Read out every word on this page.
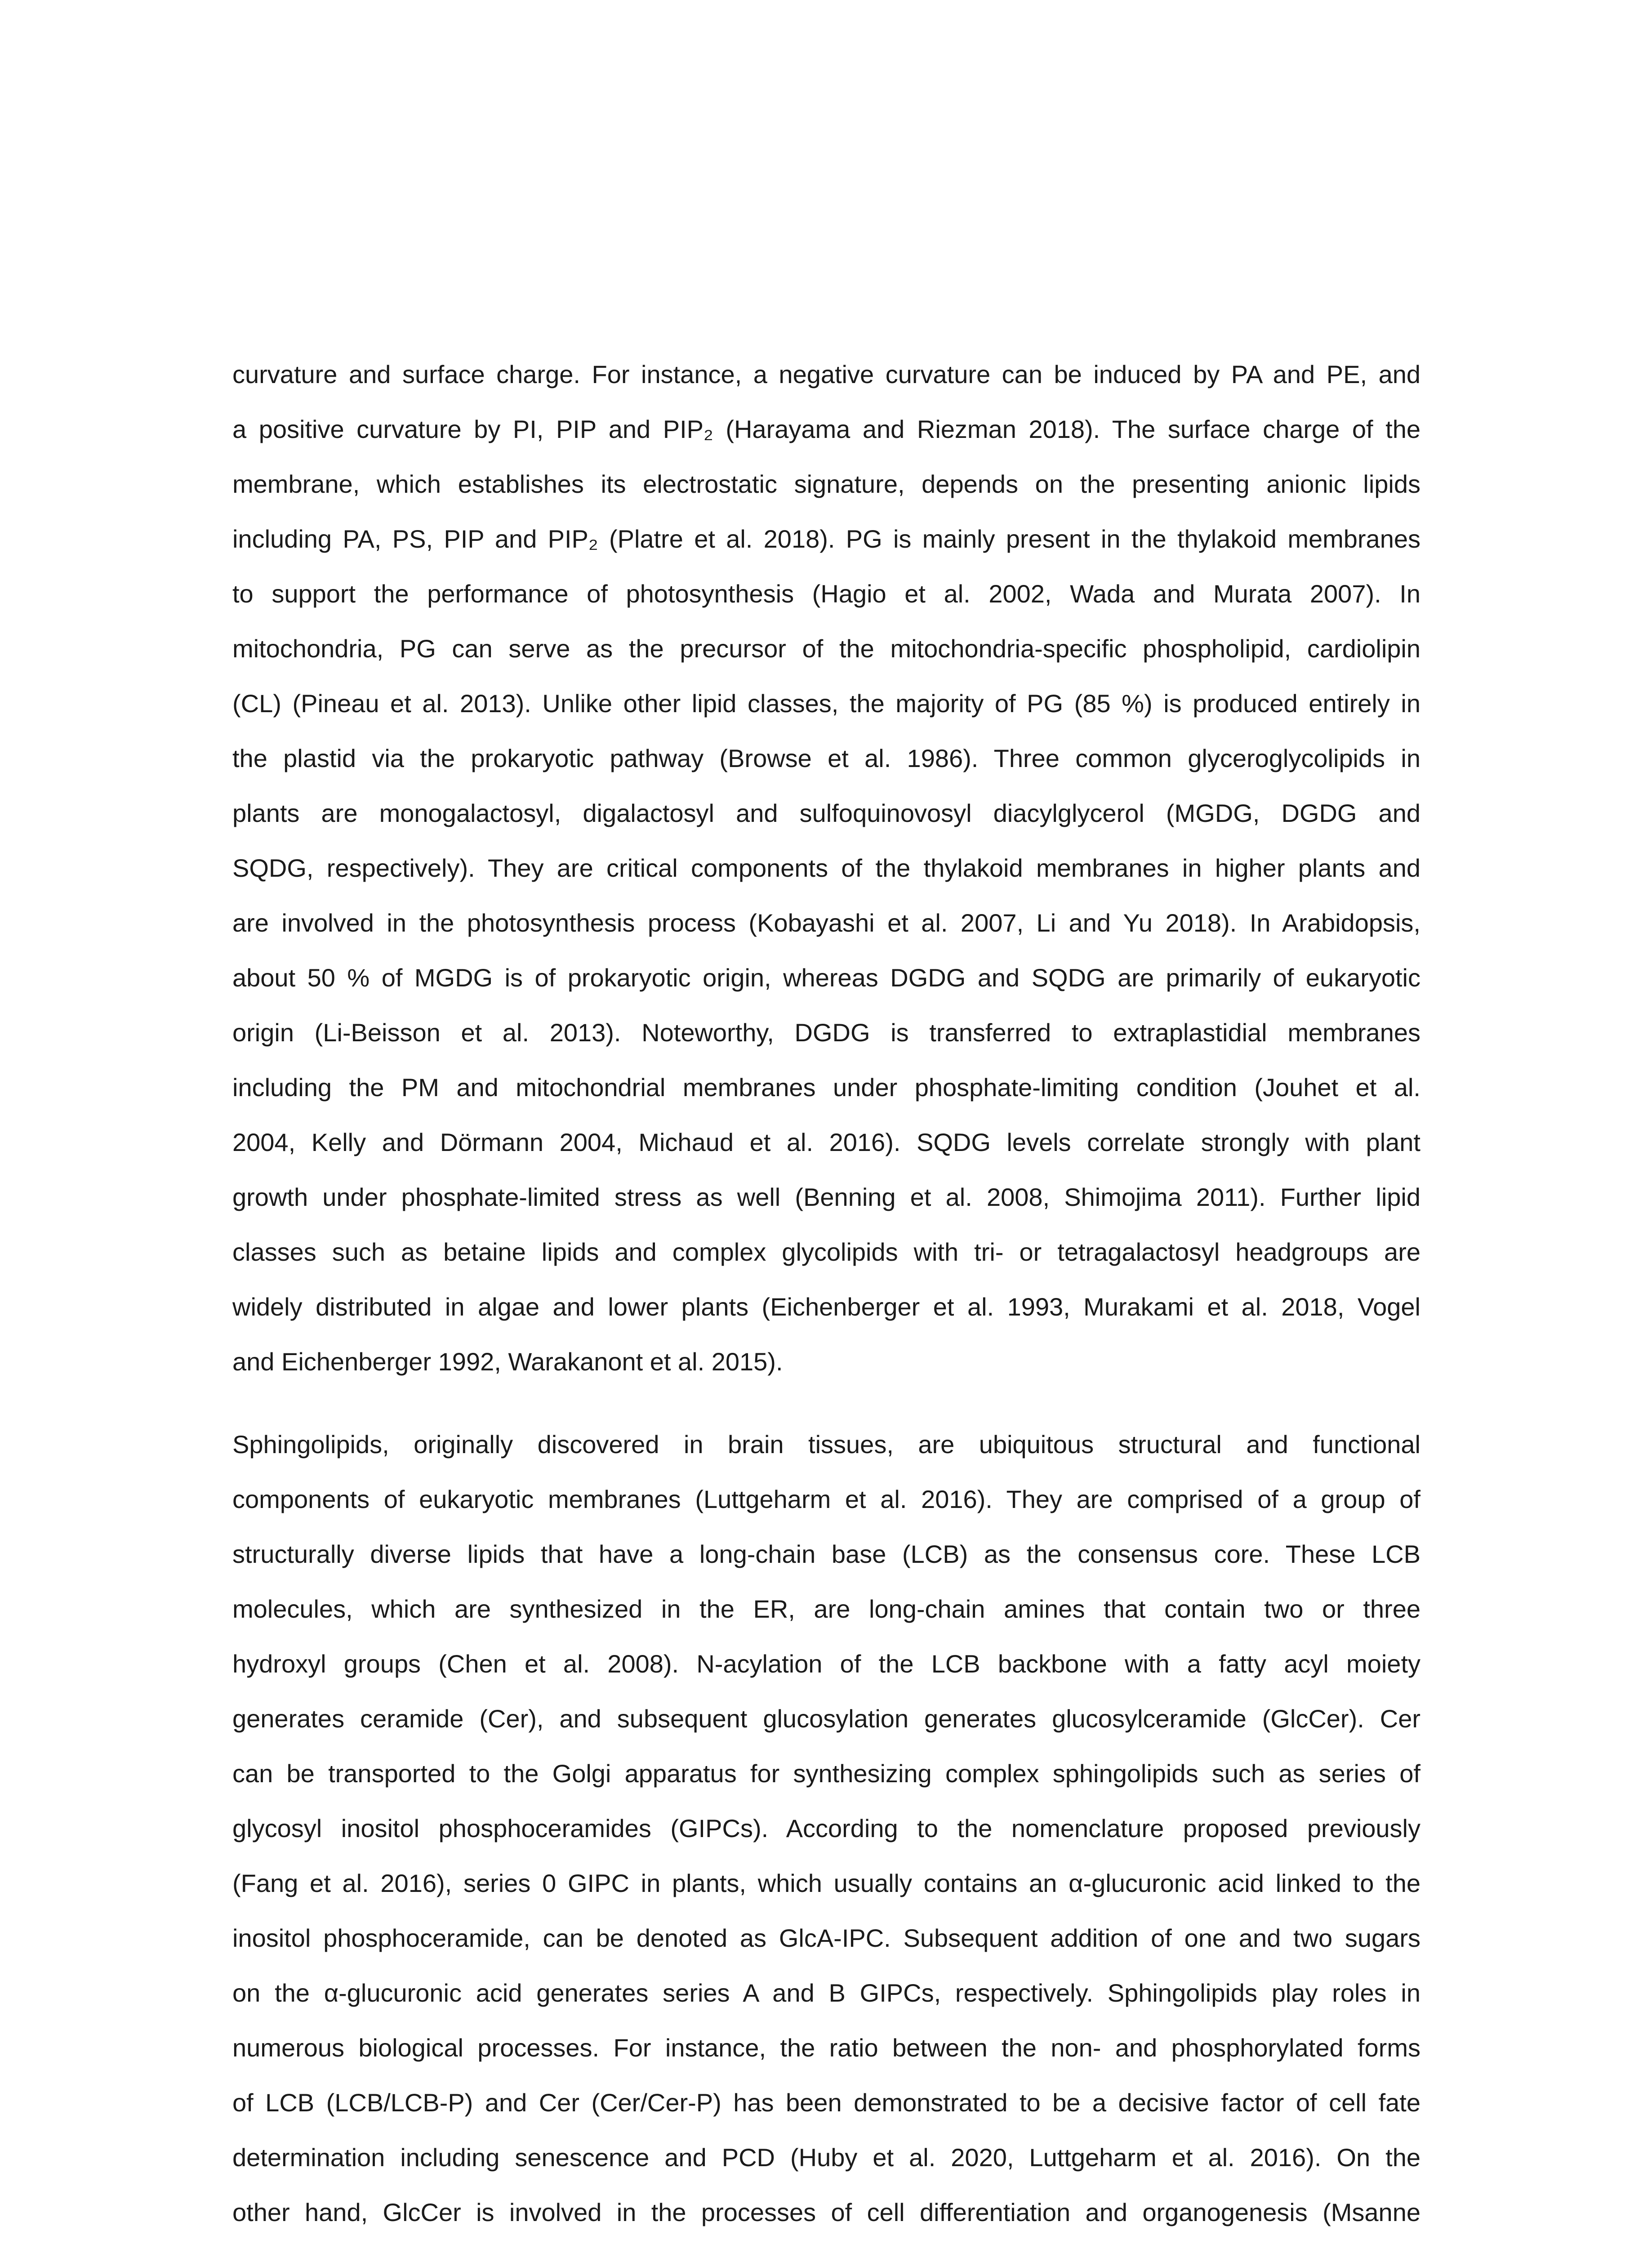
curvature and surface charge. For instance, a negative curvature can be induced by PA and PE, and
a positive curvature by PI, PIP and PIP₂ (Harayama and Riezman 2018). The surface charge of the
membrane, which establishes its electrostatic signature, depends on the presenting anionic lipids
including PA, PS, PIP and PIP₂ (Platre et al. 2018). PG is mainly present in the thylakoid membranes
to support the performance of photosynthesis (Hagio et al. 2002, Wada and Murata 2007). In
mitochondria, PG can serve as the precursor of the mitochondria-specific phospholipid, cardiolipin
(CL) (Pineau et al. 2013). Unlike other lipid classes, the majority of PG (85 %) is produced entirely in
the plastid via the prokaryotic pathway (Browse et al. 1986). Three common glyceroglycolipids in
plants are monogalactosyl, digalactosyl and sulfoquinovosyl diacylglycerol (MGDG, DGDG and
SQDG, respectively). They are critical components of the thylakoid membranes in higher plants and
are involved in the photosynthesis process (Kobayashi et al. 2007, Li and Yu 2018). In Arabidopsis,
about 50 % of MGDG is of prokaryotic origin, whereas DGDG and SQDG are primarily of eukaryotic
origin (Li-Beisson et al. 2013). Noteworthy, DGDG is transferred to extraplastidial membranes
including the PM and mitochondrial membranes under phosphate-limiting condition (Jouhet et al.
2004, Kelly and Dörmann 2004, Michaud et al. 2016). SQDG levels correlate strongly with plant
growth under phosphate-limited stress as well (Benning et al. 2008, Shimojima 2011). Further lipid
classes such as betaine lipids and complex glycolipids with tri- or tetragalactosyl headgroups are
widely distributed in algae and lower plants (Eichenberger et al. 1993, Murakami et al. 2018, Vogel
and Eichenberger 1992, Warakanont et al. 2015).
Sphingolipids, originally discovered in brain tissues, are ubiquitous structural and functional
components of eukaryotic membranes (Luttgeharm et al. 2016). They are comprised of a group of
structurally diverse lipids that have a long-chain base (LCB) as the consensus core. These LCB
molecules, which are synthesized in the ER, are long-chain amines that contain two or three
hydroxyl groups (Chen et al. 2008). N-acylation of the LCB backbone with a fatty acyl moiety
generates ceramide (Cer), and subsequent glucosylation generates glucosylceramide (GlcCer). Cer
can be transported to the Golgi apparatus for synthesizing complex sphingolipids such as series of
glycosyl inositol phosphoceramides (GIPCs). According to the nomenclature proposed previously
(Fang et al. 2016), series 0 GIPC in plants, which usually contains an α-glucuronic acid linked to the
inositol phosphoceramide, can be denoted as GlcA-IPC. Subsequent addition of one and two sugars
on the α-glucuronic acid generates series A and B GIPCs, respectively. Sphingolipids play roles in
numerous biological processes. For instance, the ratio between the non- and phosphorylated forms
of LCB (LCB/LCB-P) and Cer (Cer/Cer-P) has been demonstrated to be a decisive factor of cell fate
determination including senescence and PCD (Huby et al. 2020, Luttgeharm et al. 2016). On the
other hand, GlcCer is involved in the processes of cell differentiation and organogenesis (Msanne
